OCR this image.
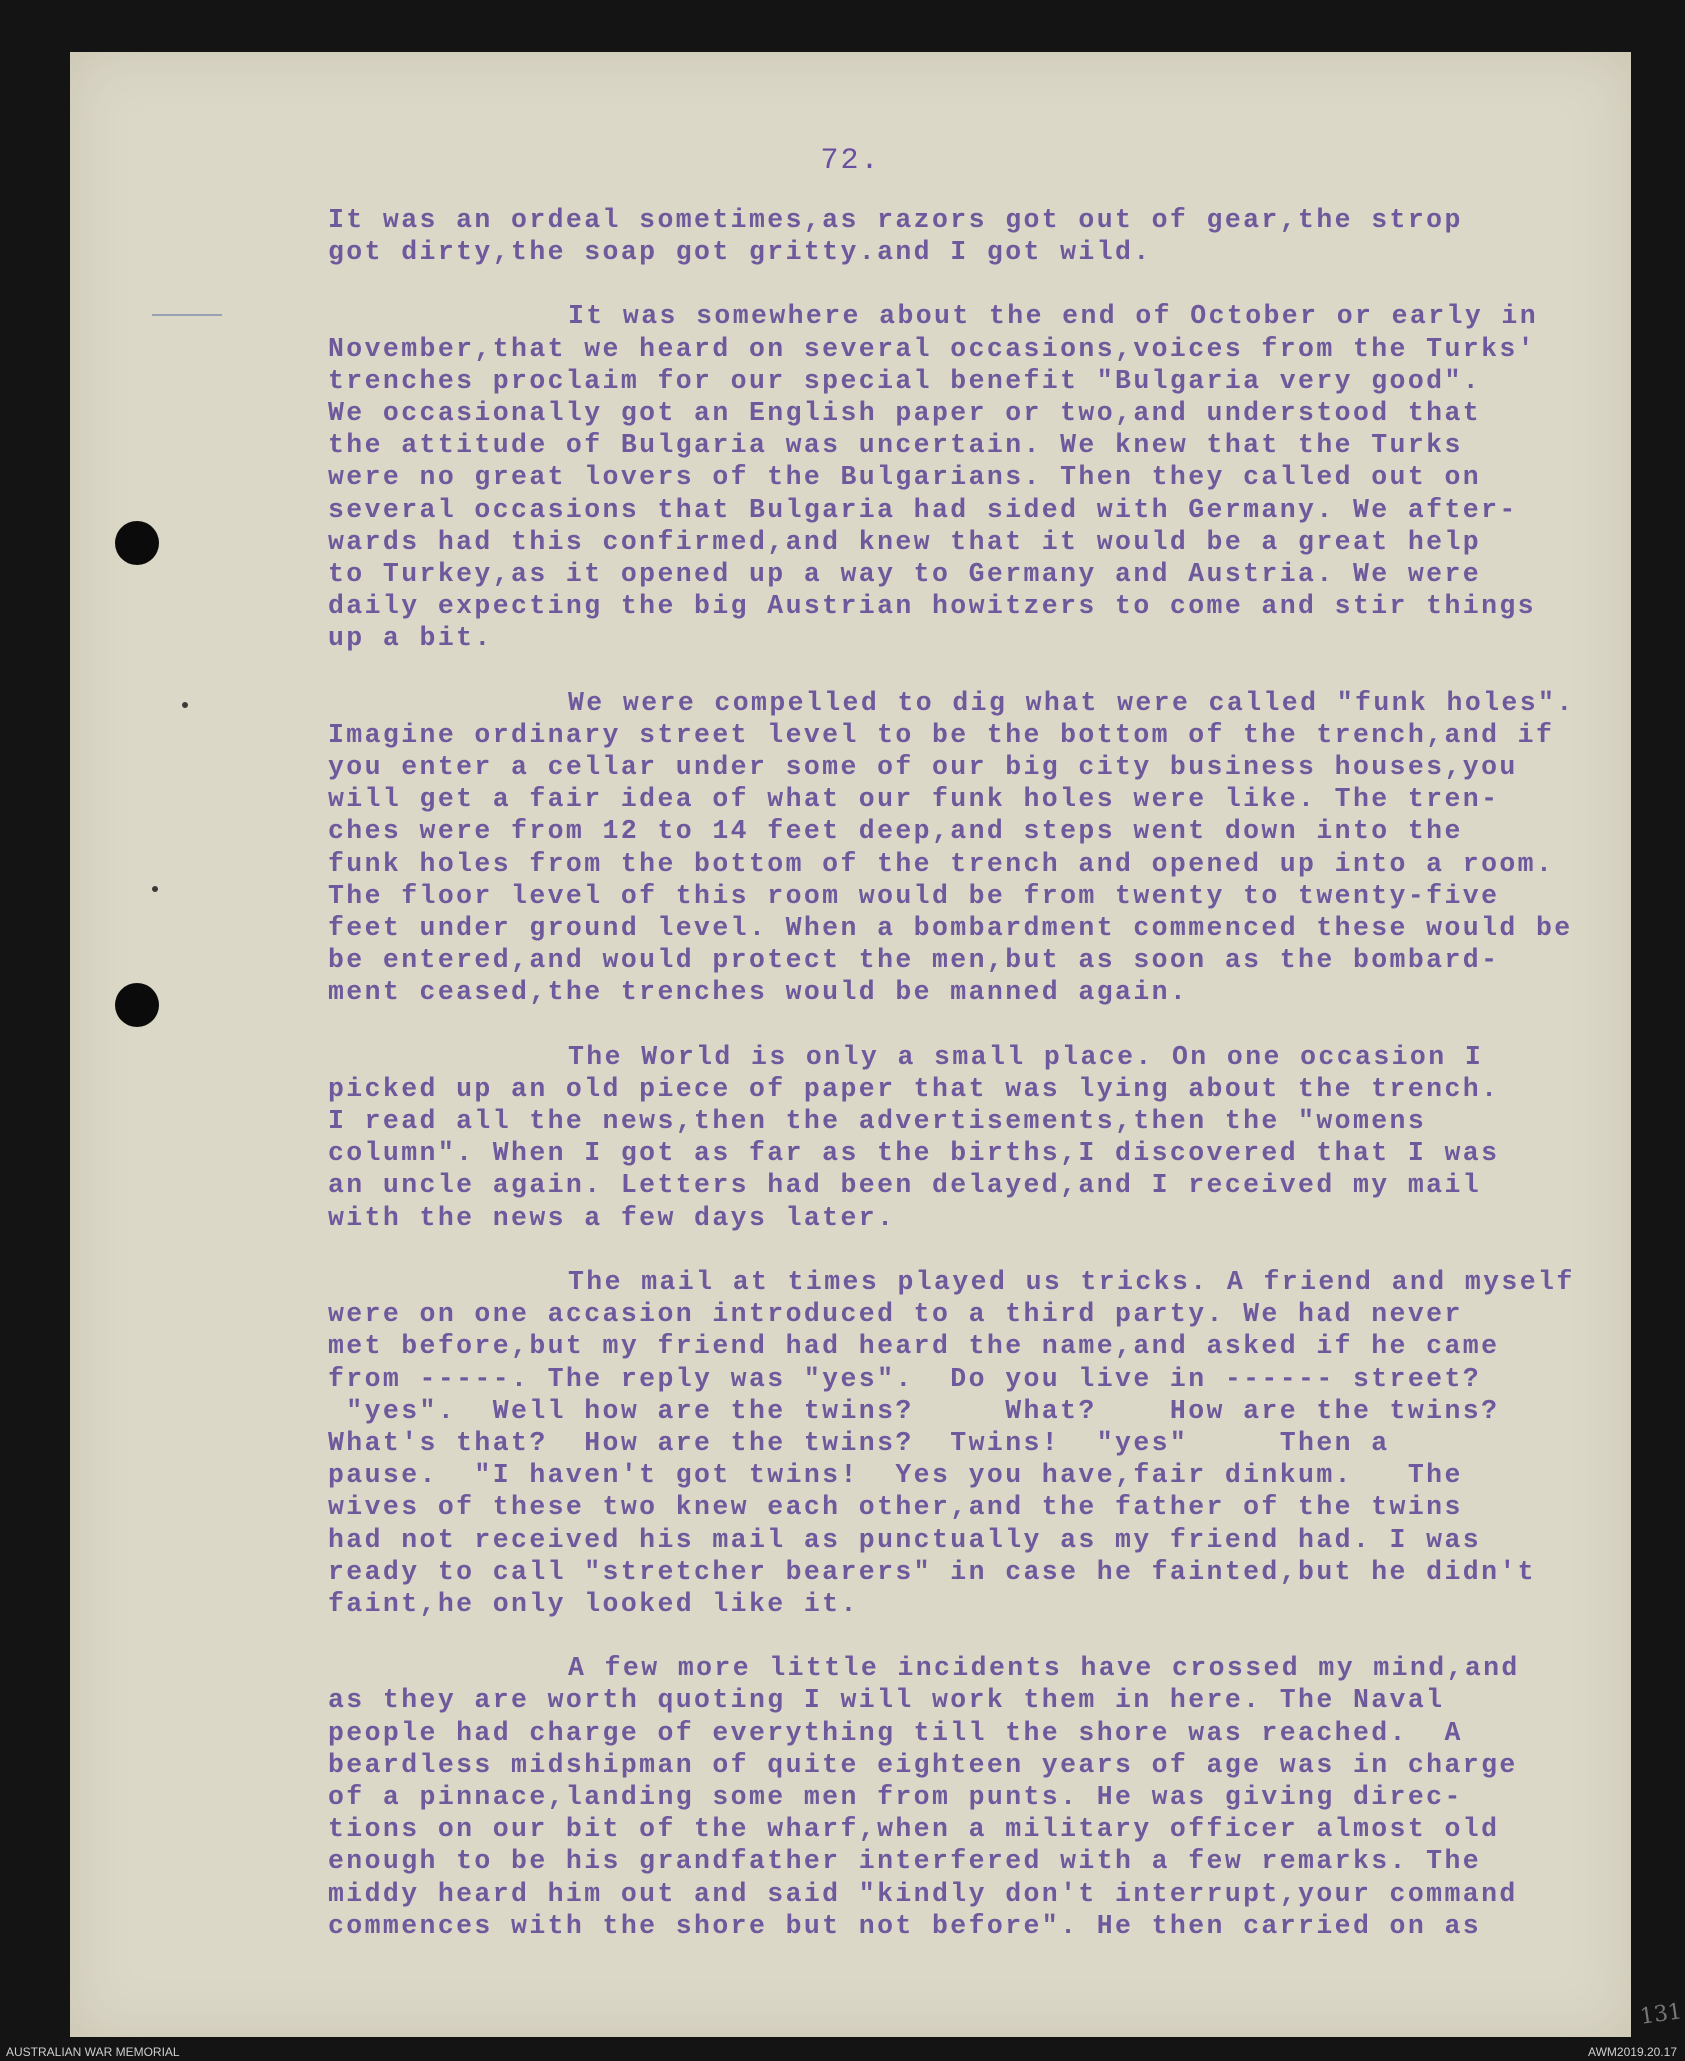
72.
It was an ordeal sometimes,as razors got out of gear,the strop
got dirty,the soap got gritty.and I got wild.
It was somewhere about the end of October or early in
November,that we heard on several occasions,voices from the Turks'
trenches proclaim for our special benefit "Bulgaria very good".
We occasionally got an English paper or two,and understood that
the attitude of Bulgaria was uncertain. We knew that the Turks
were no great lovers of the Bulgarians. Then they called out on
several occasions that Bulgaria had sided with Germany. We after-
wards had this confirmed,and knew that it would be a great help
to Turkey,as it opened up a way to Germany and Austria. We were
daily expecting the big Austrian howitzers to come and stir things
up a bit.
We were compelled to dig what were called "funk holes".
Imagine ordinary street level to be the bottom of the trench,and if
you enter a cellar under some of our big city business houses,you
will get a fair idea of what our funk holes were like. The tren-
ches were from 12 to 14 feet deep,and steps went down into the
funk holes from the bottom of the trench and opened up into a room.
The floor level of this room would be from twenty to twenty-five
feet under ground level. When a bombardment commenced these would be
be entered,and would protect the men,but as soon as the bombard-
ment ceased,the trenches would be manned again.
The World is only a small place. On one occasion I
picked up an old piece of paper that was lying about the trench.
I read all the news,then the advertisements,then the "womens
column". When I got as far as the births,I discovered that I was
an uncle again. Letters had been delayed,and I received my mail
with the news a few days later.
The mail at times played us tricks. A friend and myself
were on one accasion introduced to a third party. We had never
met before,but my friend had heard the name,and asked if he came
from -----. The reply was "yes".  Do you live in ------ street?
"yes".  Well how are the twins?     What?    How are the twins?
What's that?  How are the twins?  Twins!  "yes"     Then a
pause.  "I haven't got twins!  Yes you have,fair dinkum.   The
wives of these two knew each other,and the father of the twins
had not received his mail as punctually as my friend had. I was
ready to call "stretcher bearers" in case he fainted,but he didn't
faint,he only looked like it.
A few more little incidents have crossed my mind,and
as they are worth quoting I will work them in here. The Naval
people had charge of everything till the shore was reached.  A
beardless midshipman of quite eighteen years of age was in charge
of a pinnace,landing some men from punts. He was giving direc-
tions on our bit of the wharf,when a military officer almost old
enough to be his grandfather interfered with a few remarks. The
middy heard him out and said "kindly don't interrupt,your command
commences with the shore but not before". He then carried on as
131
AUSTRALIAN WAR MEMORIAL	AWM2019.20.17
